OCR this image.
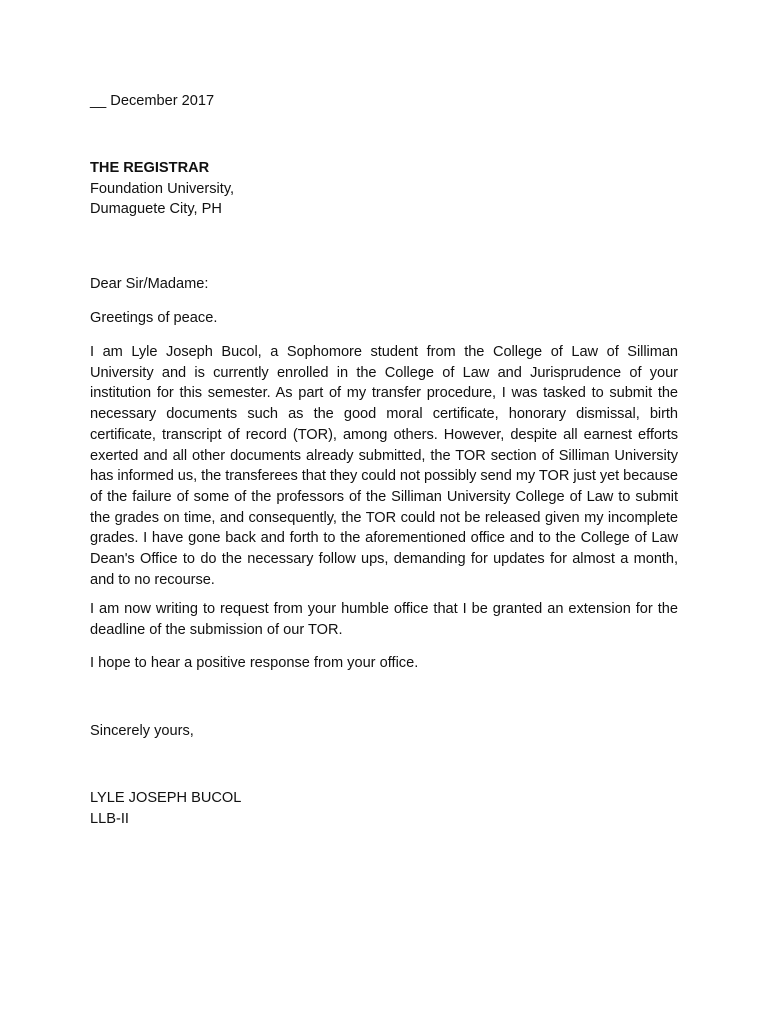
__ December 2017
THE REGISTRAR
Foundation University,
Dumaguete City, PH
Dear Sir/Madame:
Greetings of peace.

I am Lyle Joseph Bucol, a Sophomore student from the College of Law of Silliman University and is currently enrolled in the College of Law and Jurisprudence of your institution for this semester. As part of my transfer procedure, I was tasked to submit the necessary documents such as the good moral certificate, honorary dismissal, birth certificate, transcript of record (TOR), among others. However, despite all earnest efforts exerted and all other documents already submitted, the TOR section of Silliman University has informed us, the transferees that they could not possibly send my TOR just yet because of the failure of some of the professors of the Silliman University College of Law to submit the grades on time, and consequently, the TOR could not be released given my incomplete grades. I have gone back and forth to the aforementioned office and to the College of Law Dean's Office to do the necessary follow ups, demanding for updates for almost a month, and to no recourse.

I am now writing to request from your humble office that I be granted an extension for the deadline of the submission of our TOR.

I hope to hear a positive response from your office.

Sincerely yours,
LYLE JOSEPH BUCOL
LLB-II
